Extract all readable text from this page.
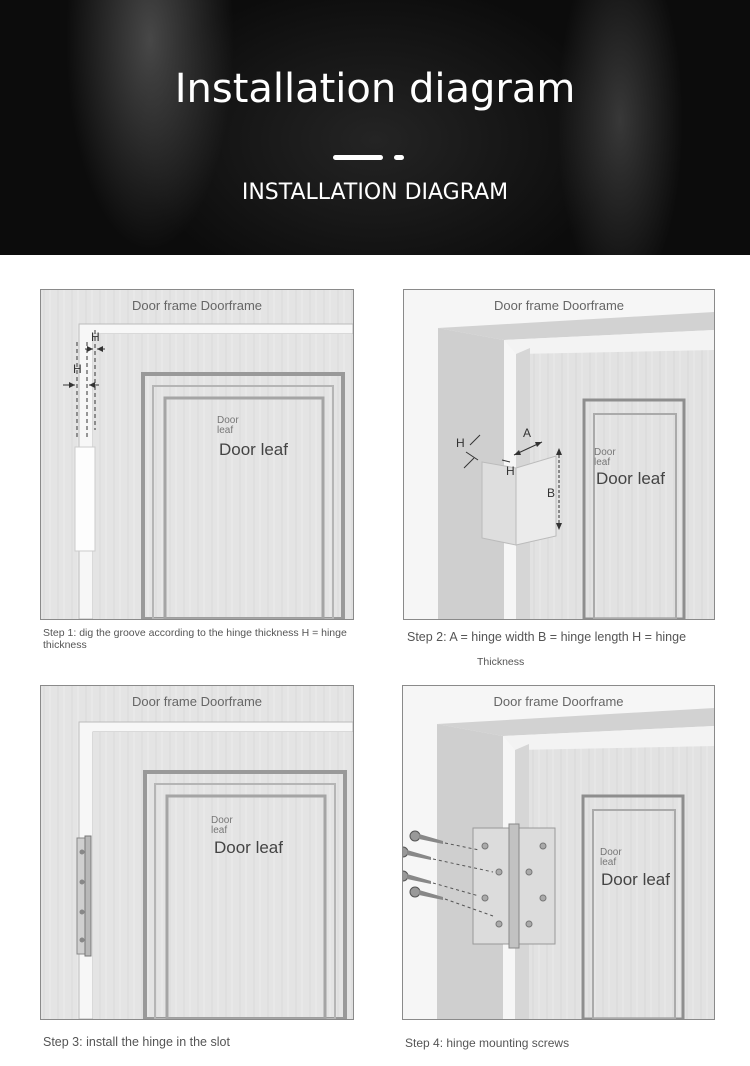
Installation diagram
INSTALLATION DIAGRAM
Door frame Doorframe
H
H
Door leaf
Door leaf
Step 1: dig the groove according to the hinge thickness H = hinge thickness
Door frame Doorframe
H
H
A
B
Door leaf
Door leaf
Step 2: A = hinge width B = hinge length H = hinge
Thickness
Door frame Doorframe
Door leaf
Door leaf
Step 3: install the hinge in the slot
Door frame Doorframe
Door leaf
Door leaf
Step 4: hinge mounting screws
